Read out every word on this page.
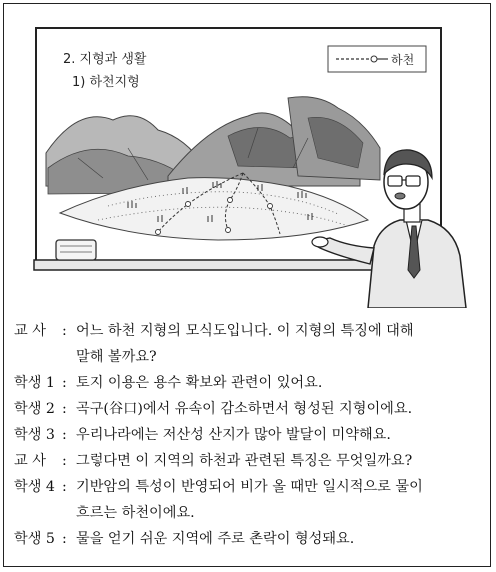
2. 지형과 생활
1) 하천지형
하천
교 사	: 어느 하천 지형의 모식도입니다. 이 지형의 특징에 대해
말해 볼까요?
학생 1 : 토지 이용은 용수 확보와 관련이 있어요.
학생 2 : 곡구(谷口)에서 유속이 감소하면서 형성된 지형이에요.
학생 3 : 우리나라에는 저산성 산지가 많아 발달이 미약해요.
교 사	: 그렇다면 이 지역의 하천과 관련된 특징은 무엇일까요?
학생 4 : 기반암의 특성이 반영되어 비가 올 때만 일시적으로 물이
흐르는 하천이에요.
학생 5 : 물을 얻기 쉬운 지역에 주로 촌락이 형성돼요.
